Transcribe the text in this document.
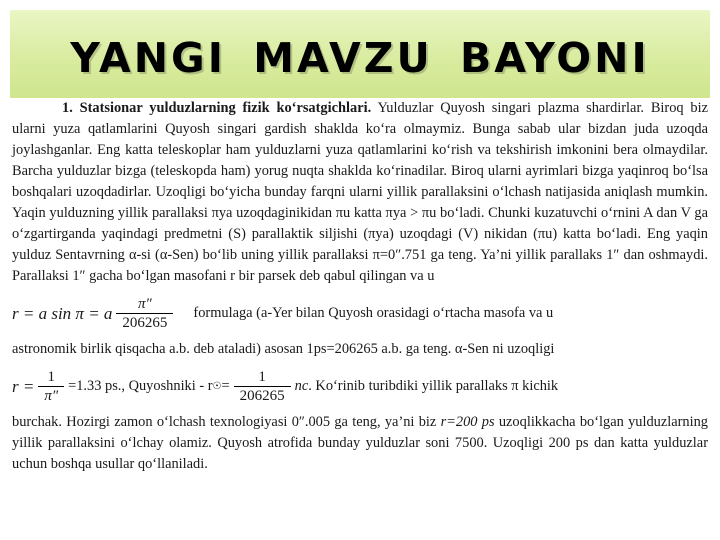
YANGI MAVZU BAYONI

1. Statsionar yulduzlarning fizik ko‘rsatgichlari. Yulduzlar Quyosh singari plazma shardirlar. Biroq biz ularni yuza qatlamlarini Quyosh singari gardish shaklda ko‘ra olmaymiz. Bunga sabab ular bizdan juda uzoqda joylashganlar. Eng katta teleskoplar ham yulduzlarni yuza qatlamlarini ko‘rish va tekshirish imkonini bera olmaydilar. Barcha yulduzlar bizga (teleskopda ham) yorug nuqta shaklda ko‘rinadilar. Biroq ularni ayrimlari bizga yaqinroq bo‘lsa boshqalari uzoqdadirlar. Uzoqligi bo‘yicha bunday farqni ularni yillik parallaksini o‘lchash natijasida aniqlash mumkin. Yaqin yulduzning yillik parallaksi πya uzoqdaginikidan πu katta πya > πu bo‘ladi. Chunki kuzatuvchi o‘rnini A dan V ga o‘zgartirganda yaqindagi predmetni (S) parallaktik siljishi (πya) uzoqdagi (V) nikidan (πu) katta bo‘ladi. Eng yaqin yulduz Sentavrning α-si (α-Sen) bo‘lib uning yillik parallaksi π=0″.751 ga teng. Ya’ni yillik parallaks 1″ dan oshmaydi. Parallaksi 1″ gacha bo‘lgan masofani r bir parsek deb qabul qilingan va u

r = a sin π = a $\frac{\pi''}{206265}$ formulaga (a-Yer bilan Quyosh orasidagi o‘rtacha masofa va u

astronomik birlik qisqacha a.b. deb ataladi) asosan 1ps=206265 a.b. ga teng. α-Sen ni uzoqligi

$r = \frac{1}{\pi''} =1.33$ ps., Quyoshniki - r ☉ = $\frac{1}{206265}$ nc . Ko‘rinib turibdiki yillik parallaks π kichik

burchak. Hozirgi zamon o‘lchash texnologiyasi 0″.005 ga teng, ya’ni biz r=200 ps uzoqlikkacha bo‘lgan yulduzlarning yillik parallaksini o‘lchay olamiz. Quyosh atrofida bunday yulduzlar soni 7500. Uzoqligi 200 ps dan katta yulduzlar uchun boshqa usullar qo‘llaniladi.
